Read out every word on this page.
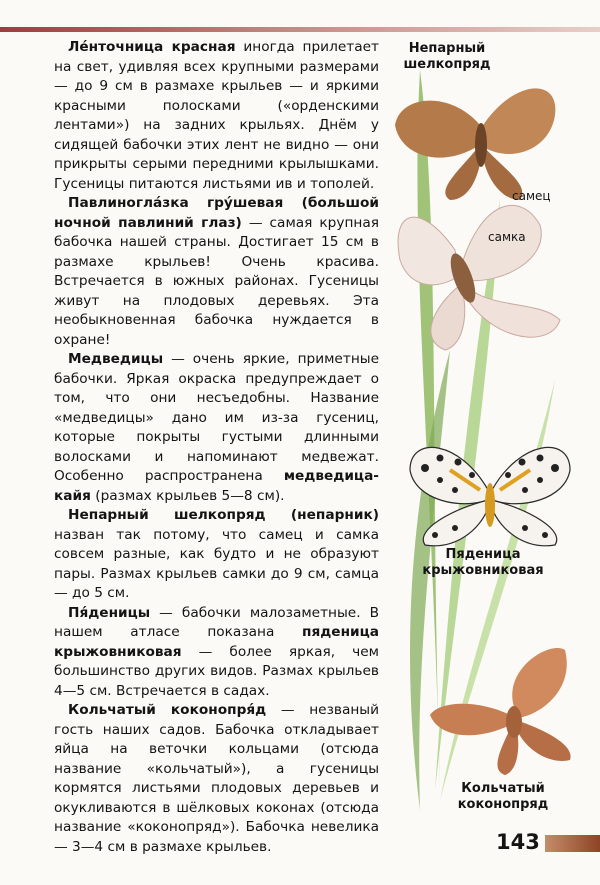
Ле́нточница красная иногда прилетает на свет, удивляя всех крупными размерами — до 9 см в размахе крыльев — и яркими красными полосками («орденскими лентами») на задних крыльях. Днём у сидящей бабочки этих лент не видно — они прикрыты серыми передними крылышками. Гусеницы питаются листьями ив и тополей.

Павлиногла́зка гру́шевая (большой ночной павлиний глаз) — самая крупная бабочка нашей страны. Достигает 15 см в размахе крыльев! Очень красива. Встречается в южных районах. Гусеницы живут на плодовых деревьях. Эта необыкновенная бабочка нуждается в охране!

Медведицы — очень яркие, приметные бабочки. Яркая окраска предупреждает о том, что они несъедобны. Название «медведицы» дано им из-за гусениц, которые покрыты густыми длинными волосками и напоминают медвежат. Особенно распространена медведица-кайя (размах крыльев 5—8 см).

Непарный шелкопряд (непарник) назван так потому, что самец и самка совсем разные, как будто и не образуют пары. Размах крыльев самки до 9 см, самца — до 5 см.

Пя́деницы — бабочки малозаметные. В нашем атласе показана пяденица крыжовниковая — более яркая, чем большинство других видов. Размах крыльев 4—5 см. Встречается в садах.

Кольчатый коконопря́д — незваный гость наших садов. Бабочка откладывает яйца на веточки кольцами (отсюда название «кольчатый»), а гусеницы кормятся листьями плодовых деревьев и окукливаются в шёлковых коконах (отсюда название «коконопряд»). Бабочка невелика — 3—4 см в размахе крыльев.

Непарный шелкопряд
самец
самка
Пяденица крыжовниковая
Кольчатый коконопряд
143
